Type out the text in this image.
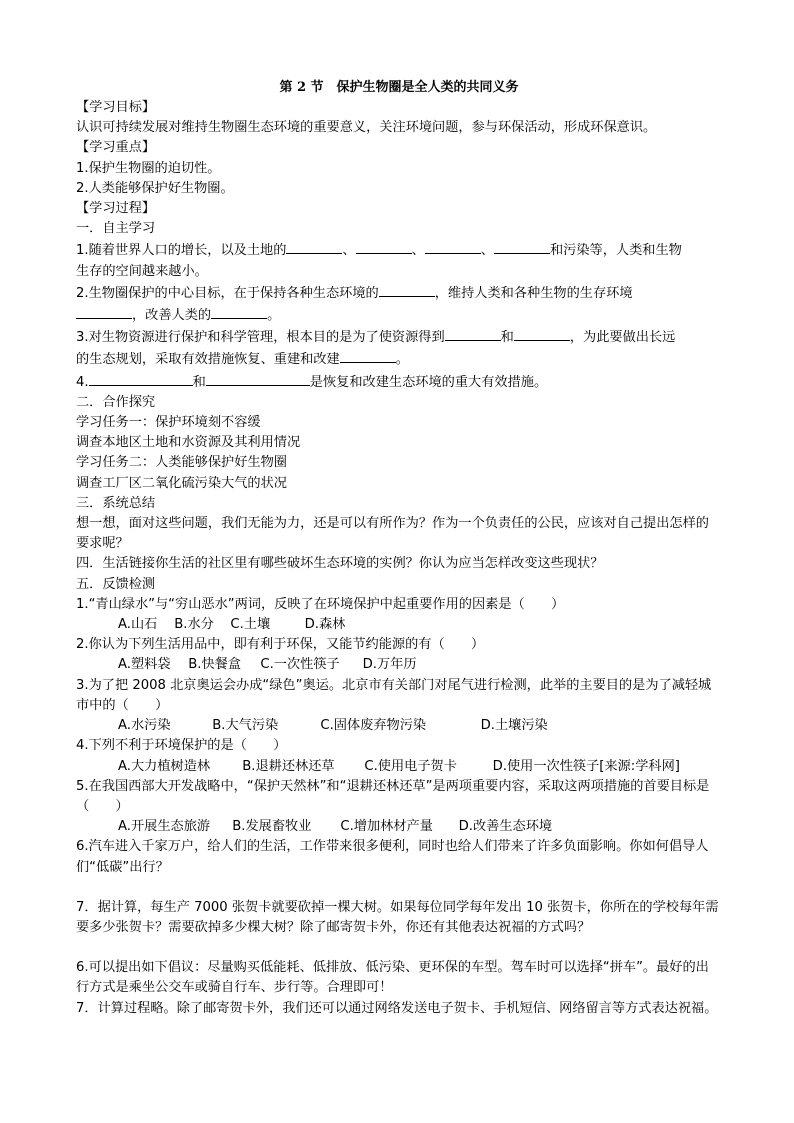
第 2 节　保护生物圈是全人类的共同义务
【学习目标】
认识可持续发展对维持生物圈生态环境的重要意义，关注环境问题，参与环保活动，形成环保意识。
【学习重点】
1.保护生物圈的迫切性。
2.人类能够保护好生物圈。
【学习过程】
一．自主学习
1.随着世界人口的增长，以及土地的	、	、	、	和污染等，人类和生物
生存的空间越来越小。
2.生物圈保护的中心目标，在于保持各种生态环境的	，维持人类和各种生物的生存环境
，改善人类的	。
3.对生物资源进行保护和科学管理，根本目的是为了使资源得到	和	，为此要做出长远
的生态规划，采取有效措施恢复、重建和改建	。
4.	和	是恢复和改建生态环境的重大有效措施。
二．合作探究
学习任务一：保护环境刻不容缓
调查本地区土地和水资源及其利用情况
学习任务二：人类能够保护好生物圈
调查工厂区二氧化硫污染大气的状况
三．系统总结
想一想，面对这些问题，我们无能为力，还是可以有所作为？作为一个负责任的公民，应该对自己提出怎样的要求呢？
四．生活链接你生活的社区里有哪些破坏生态环境的实例？你认为应当怎样改变这些现状？
五．反馈检测
1.“青山绿水”与“穷山恶水”两词，反映了在环境保护中起重要作用的因素是（　　）
A.山石 B.水分 C.土壤	D.森林
2.你认为下列生活用品中，即有利于环保，又能节约能源的有（　　）
A.塑料袋 B.快餐盒 C.一次性筷子 D.万年历
3.为了把 2008 北京奥运会办成“绿色”奥运。北京市有关部门对尾气进行检测，此举的主要目的是为了减轻城市中的（　　）
A.水污染	B.大气污染	C.固体废弃物污染	D.土壤污染
4.下列不利于环境保护的是（　　）
A.大力植树造林 B.退耕还林还草 C.使用电子贺卡	D.使用一次性筷子[来源:学科网]
5.在我国西部大开发战略中，“保护天然林”和“退耕还林还草”是两项重要内容，采取这两项措施的首要目标是（　　）
A.开展生态旅游 B.发展畜牧业 C.增加林材产量 D.改善生态环境
6.汽车进入千家万户，给人们的生活，工作带来很多便利，同时也给人们带来了许多负面影响。你如何倡导人们“低碳”出行？
7．据计算，每生产 7000 张贺卡就要砍掉一棵大树。如果每位同学每年发出 10 张贺卡，你所在的学校每年需要多少张贺卡？需要砍掉多少棵大树？除了邮寄贺卡外，你还有其他表达祝福的方式吗？
6.可以提出如下倡议：尽量购买低能耗、低排放、低污染、更环保的车型。驾车时可以选择“拼车”。最好的出行方式是乘坐公交车或骑自行车、步行等。合理即可！
7．计算过程略。除了邮寄贺卡外，我们还可以通过网络发送电子贺卡、手机短信、网络留言等方式表达祝福。
